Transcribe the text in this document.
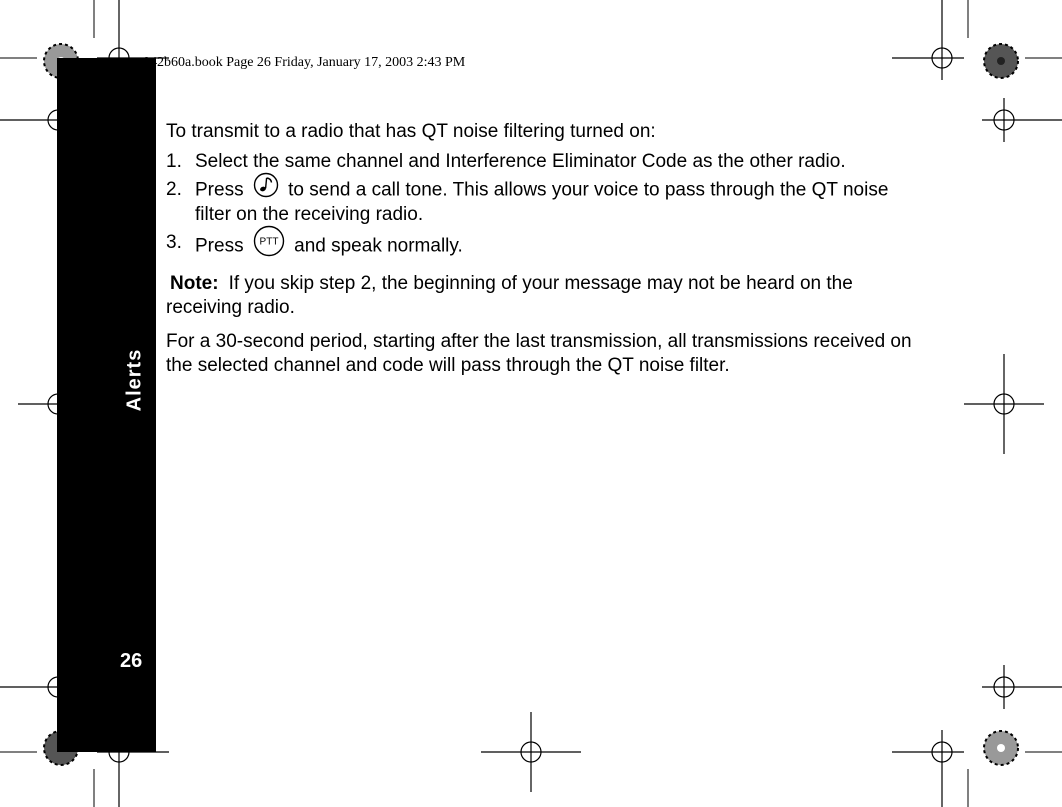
Alerts
26
042b60a.book Page 26 Friday, January 17, 2003 2:43 PM

To transmit to a radio that has QT noise filtering turned on:

1. Select the same channel and Interference Eliminator Code as the other radio.
2. Press to send a call tone. This allows your voice to pass through the QT noise filter on the receiving radio.
3. Press PTT and speak normally.

Note: If you skip step 2, the beginning of your message may not be heard on the receiving radio.

For a 30-second period, starting after the last transmission, all transmissions received on the selected channel and code will pass through the QT noise filter.
